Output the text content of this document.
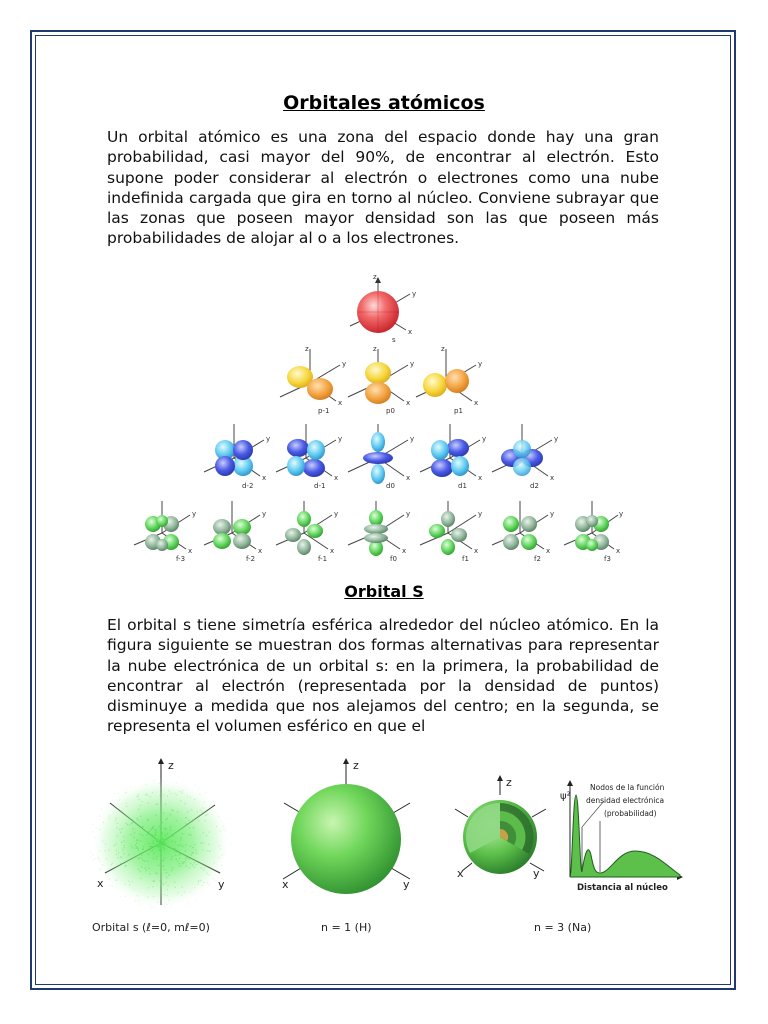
Orbitales atómicos
Un orbital atómico es una zona del espacio donde hay una gran probabilidad, casi mayor del 90%, de encontrar al electrón. Esto supone poder considerar al electrón o electrones como una nube indefinida cargada que gira en torno al núcleo. Conviene subrayar que las zonas que poseen mayor densidad son las que poseen más probabilidades de alojar al o a los electrones.
z
y
x
s
z
y
x
p-1
z
y
x
p0
z
y
x
p1
y
x
d-2
y
x
d-1
y
x
d0
y
x
d1
y
x
d2
y
x
f-3
y
x
f-2
y
x
f-1
y
x
f0
y
x
f1
y
x
f2
y
x
f3
Orbital S
El orbital s tiene simetría esférica alrededor del núcleo atómico. En la figura siguiente se muestran dos formas alternativas para representar la nube electrónica de un orbital s: en la primera, la probabilidad de encontrar al electrón (representada por la densidad de puntos) disminuye a medida que nos alejamos del centro; en la segunda, se representa el volumen esférico en que el
z
x	y
z
x	y
z
x	y
ψ²
Nodos de la función
densidad electrónica
(probabilidad)
Distancia al núcleo
Orbital s (ℓ=0, mℓ=0)	n = 1 (H)	n = 3 (Na)
